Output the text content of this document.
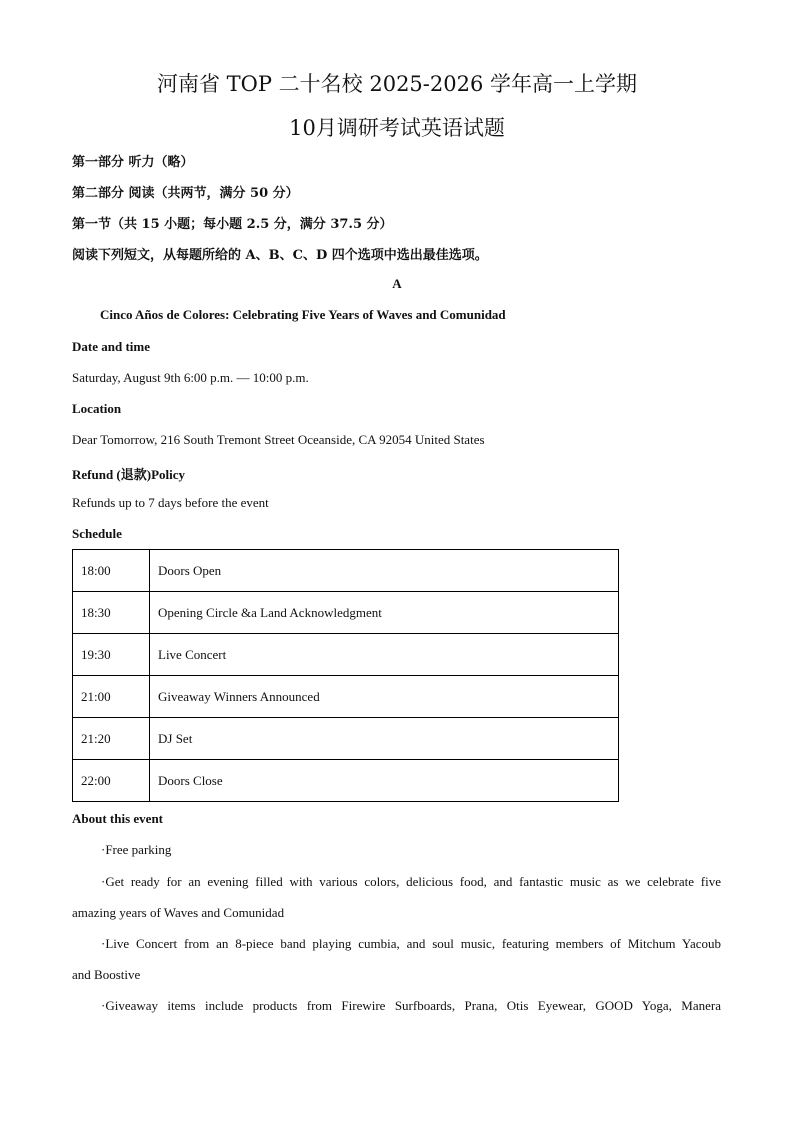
河南省 TOP 二十名校 2025-2026 学年高一上学期
10月调研考试英语试题
第一部分 听力（略）
第二部分 阅读（共两节，满分 50 分）
第一节（共 15 小题；每小题 2.5 分，满分 37.5 分）
阅读下列短文，从每题所给的 A、B、C、D 四个选项中选出最佳选项。
A
Cinco Años de Colores: Celebrating Five Years of Waves and Comunidad
Date and time
Saturday, August 9th 6:00 p.m. — 10:00 p.m.
Location
Dear Tomorrow, 216 South Tremont Street Oceanside, CA 92054 United States
Refund (退款)Policy
Refunds up to 7 days before the event
Schedule
18:00	Doors Open
18:30	Opening Circle &a Land Acknowledgment
19:30	Live Concert
21:00	Giveaway Winners Announced
21:20	DJ Set
22:00	Doors Close
About this event
·Free parking
·Get ready for an evening filled with various colors, delicious food, and fantastic music as we celebrate five
amazing years of Waves and Comunidad
·Live Concert from an 8-piece band playing cumbia, and soul music, featuring members of Mitchum Yacoub
and Boostive
·Giveaway items include products from Firewire Surfboards, Prana, Otis Eyewear, GOOD Yoga, Manera
